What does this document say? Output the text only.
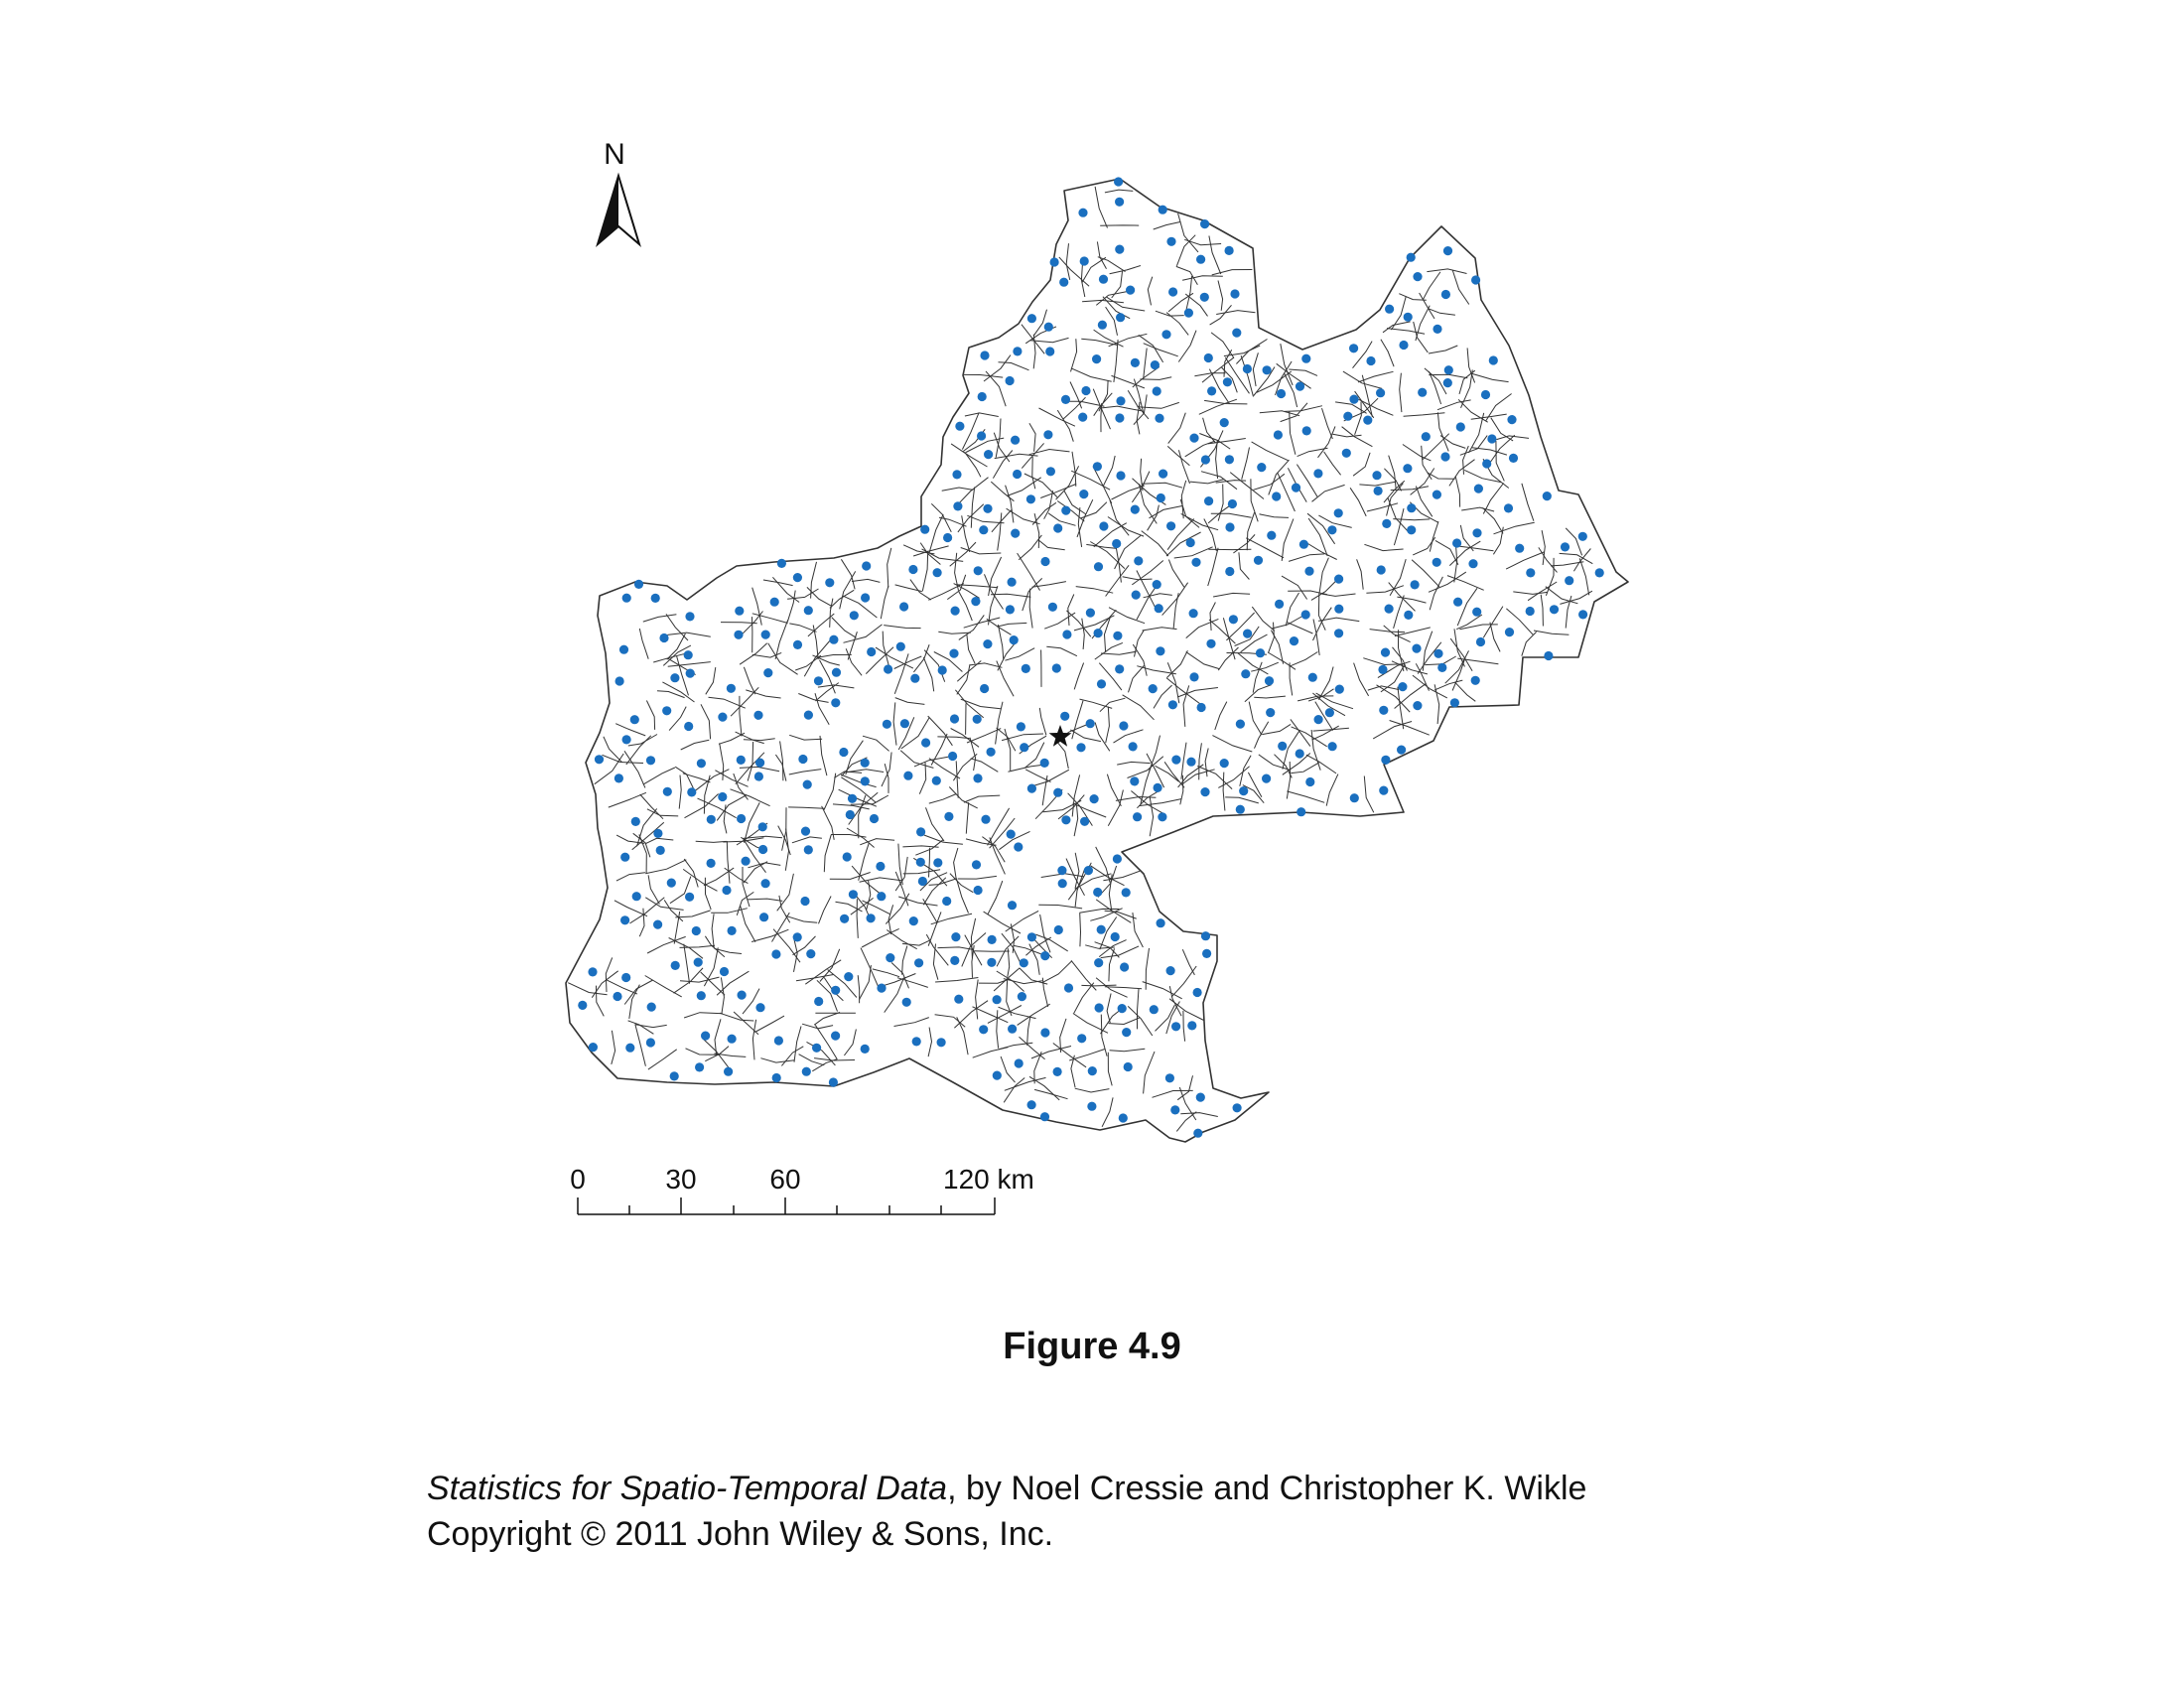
N
0	30	60	120 km
Figure 4.9
Statistics for Spatio-Temporal Data, by Noel Cressie and Christopher K. Wikle
Copyright © 2011 John Wiley & Sons, Inc.
